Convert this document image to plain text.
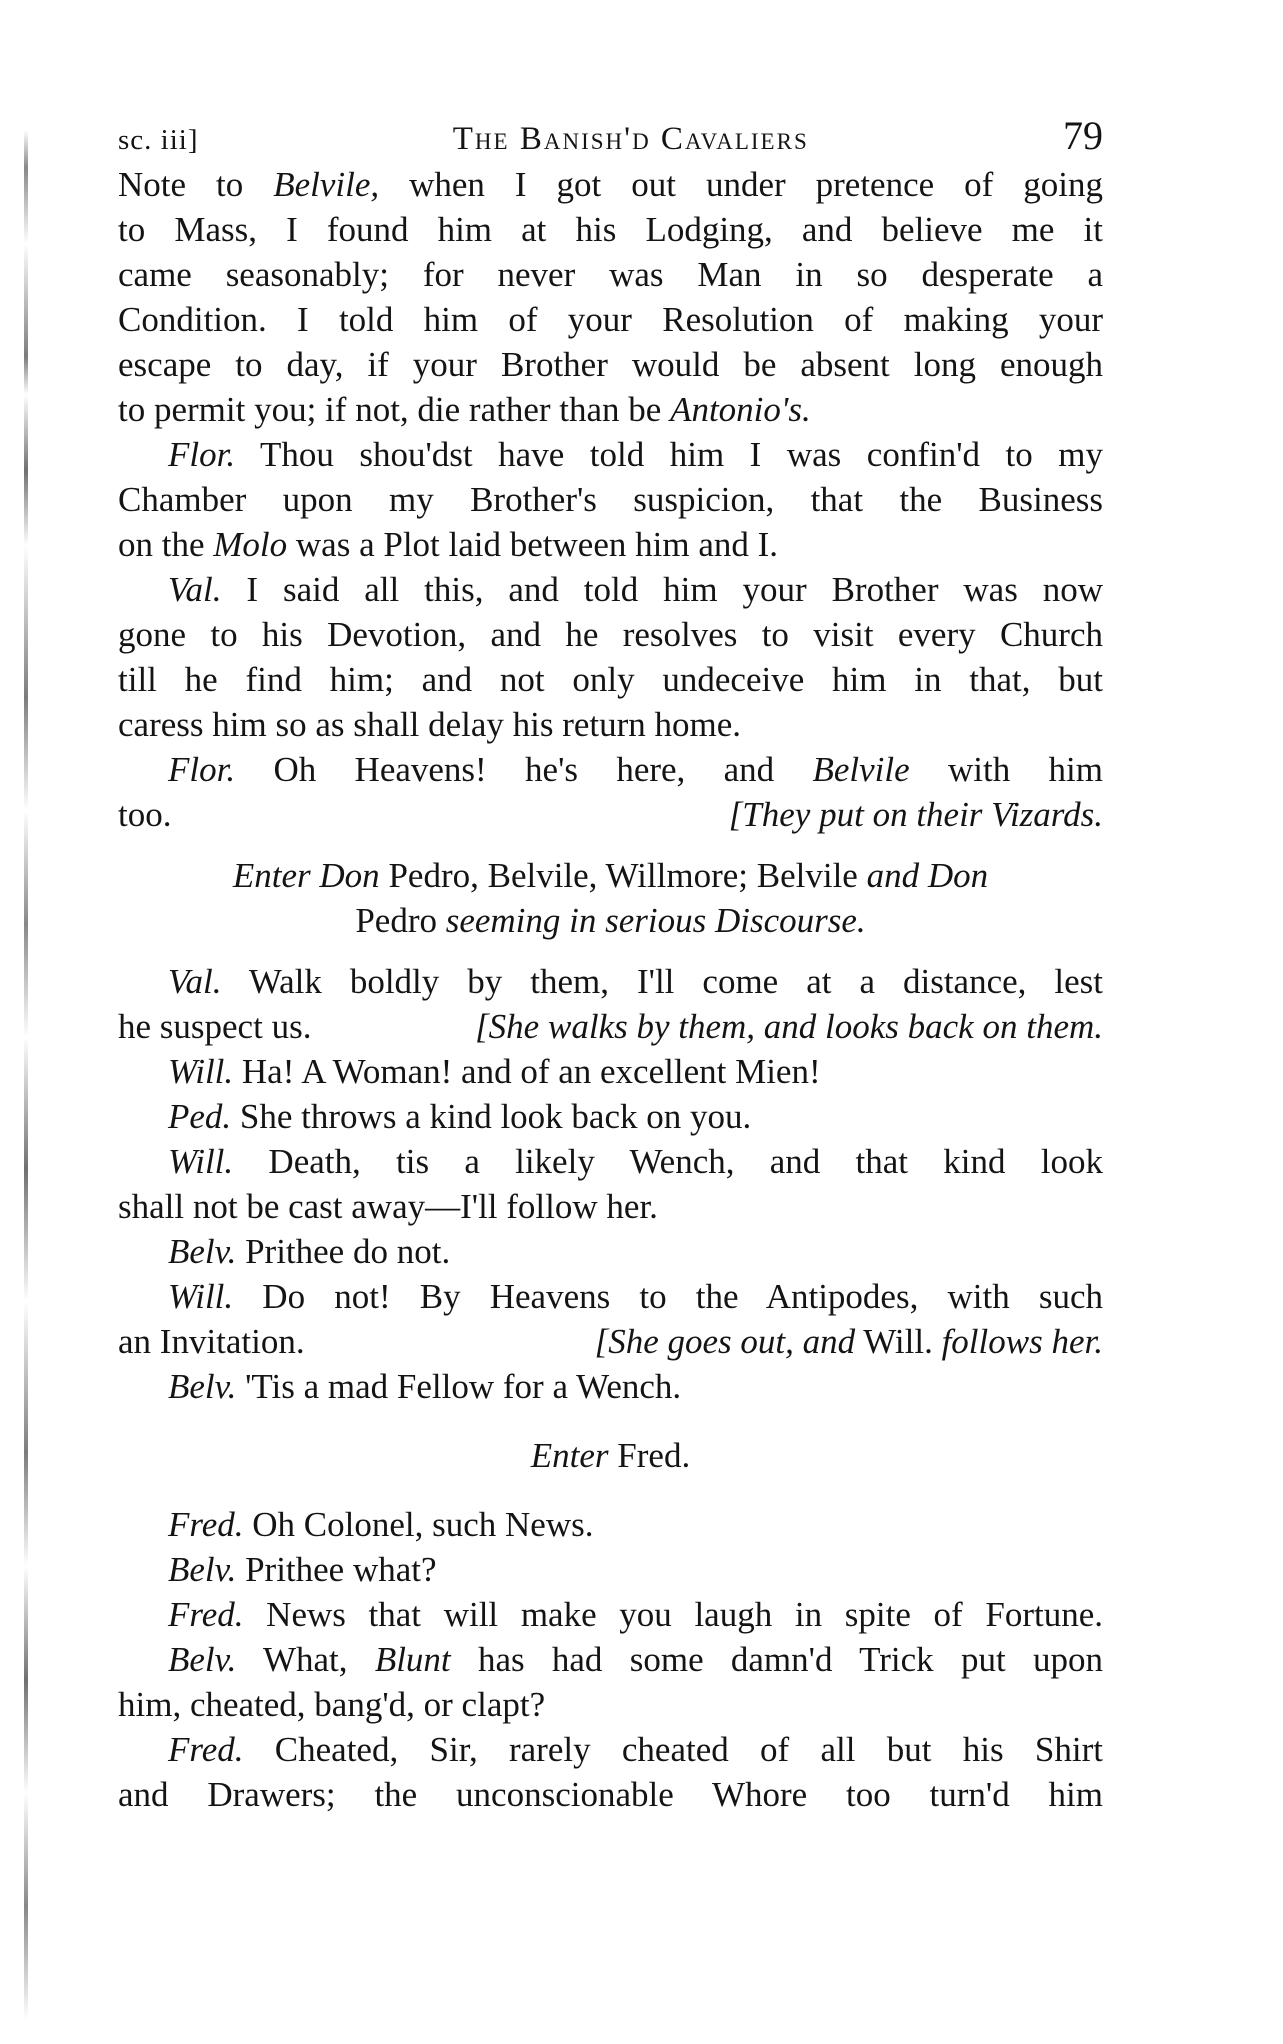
sc. iii]	The Banish'd Cavaliers	79
Note to Belvile, when I got out under pretence of going
to Mass, I found him at his Lodging, and believe me it
came seasonably; for never was Man in so desperate a
Condition. I told him of your Resolution of making your
escape to day, if your Brother would be absent long enough
to permit you; if not, die rather than be Antonio's.
Flor. Thou shou'dst have told him I was confin'd to my
Chamber upon my Brother's suspicion, that the Business
on the Molo was a Plot laid between him and I.
Val. I said all this, and told him your Brother was now
gone to his Devotion, and he resolves to visit every Church
till he find him; and not only undeceive him in that, but
caress him so as shall delay his return home.
Flor. Oh Heavens! he's here, and Belvile with him
too.	[They put on their Vizards.
Enter Don Pedro, Belvile, Willmore; Belvile and Don
Pedro seeming in serious Discourse.
Val. Walk boldly by them, I'll come at a distance, lest
he suspect us.	[She walks by them, and looks back on them.
Will. Ha! A Woman! and of an excellent Mien!
Ped. She throws a kind look back on you.
Will. Death, tis a likely Wench, and that kind look
shall not be cast away—I'll follow her.
Belv. Prithee do not.
Will. Do not! By Heavens to the Antipodes, with such
an Invitation.	[She goes out, and Will. follows her.
Belv. 'Tis a mad Fellow for a Wench.
Enter Fred.
Fred. Oh Colonel, such News.
Belv. Prithee what?
Fred. News that will make you laugh in spite of Fortune.
Belv. What, Blunt has had some damn'd Trick put upon
him, cheated, bang'd, or clapt?
Fred. Cheated, Sir, rarely cheated of all but his Shirt
and Drawers; the unconscionable Whore too turn'd him
